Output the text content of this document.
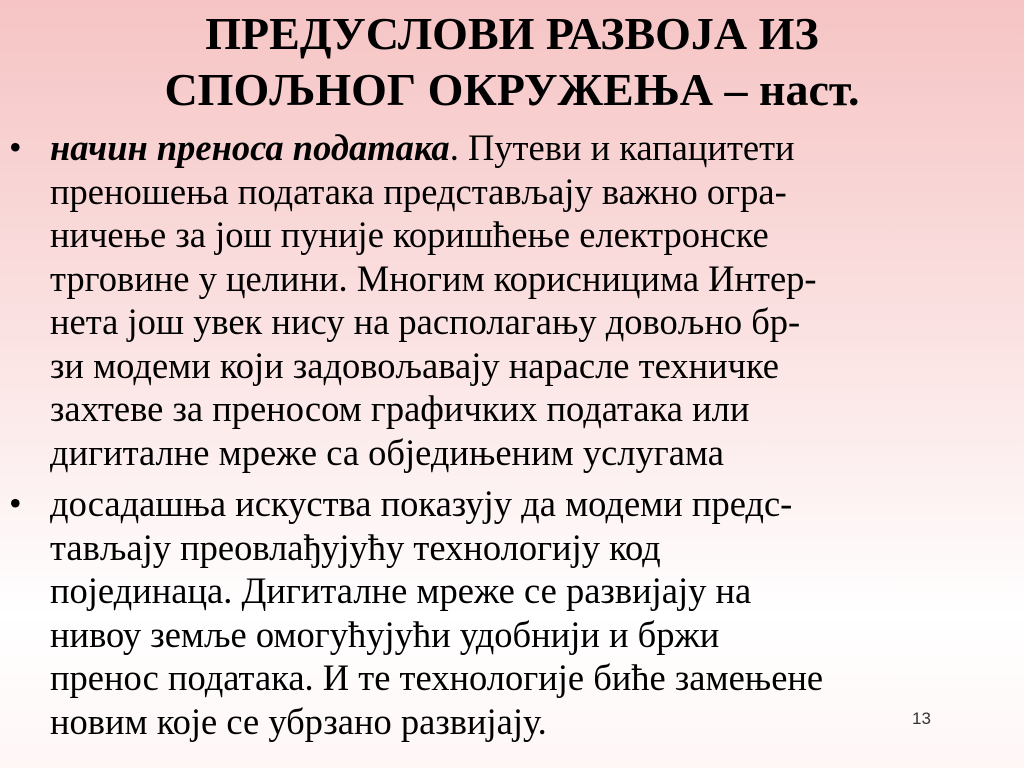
ПРЕДУСЛОВИ РАЗВОЈА ИЗ
СПОЉНОГ ОКРУЖЕЊА – наст.
• начин преноса података. Путеви и капацитети
преношења података представљају важно огра-
ничење за још пуније коришћење електронске
трговине у целини. Многим корисницима Интер-
нета још увек нису на располагању довољно бр-
зи модеми који задовољавају нарасле техничке
захтеве за преносом графичких података или
дигиталне мреже са обједињеним услугама
• досадашња искуства показују да модеми предс-
тављају преовлађујућу технологију код
појединаца. Дигиталне мреже се развијају на
нивоу земље омогућујући удобнији и бржи
пренос података. И те технологије биће замењене
новим које се убрзано развијају.	13
